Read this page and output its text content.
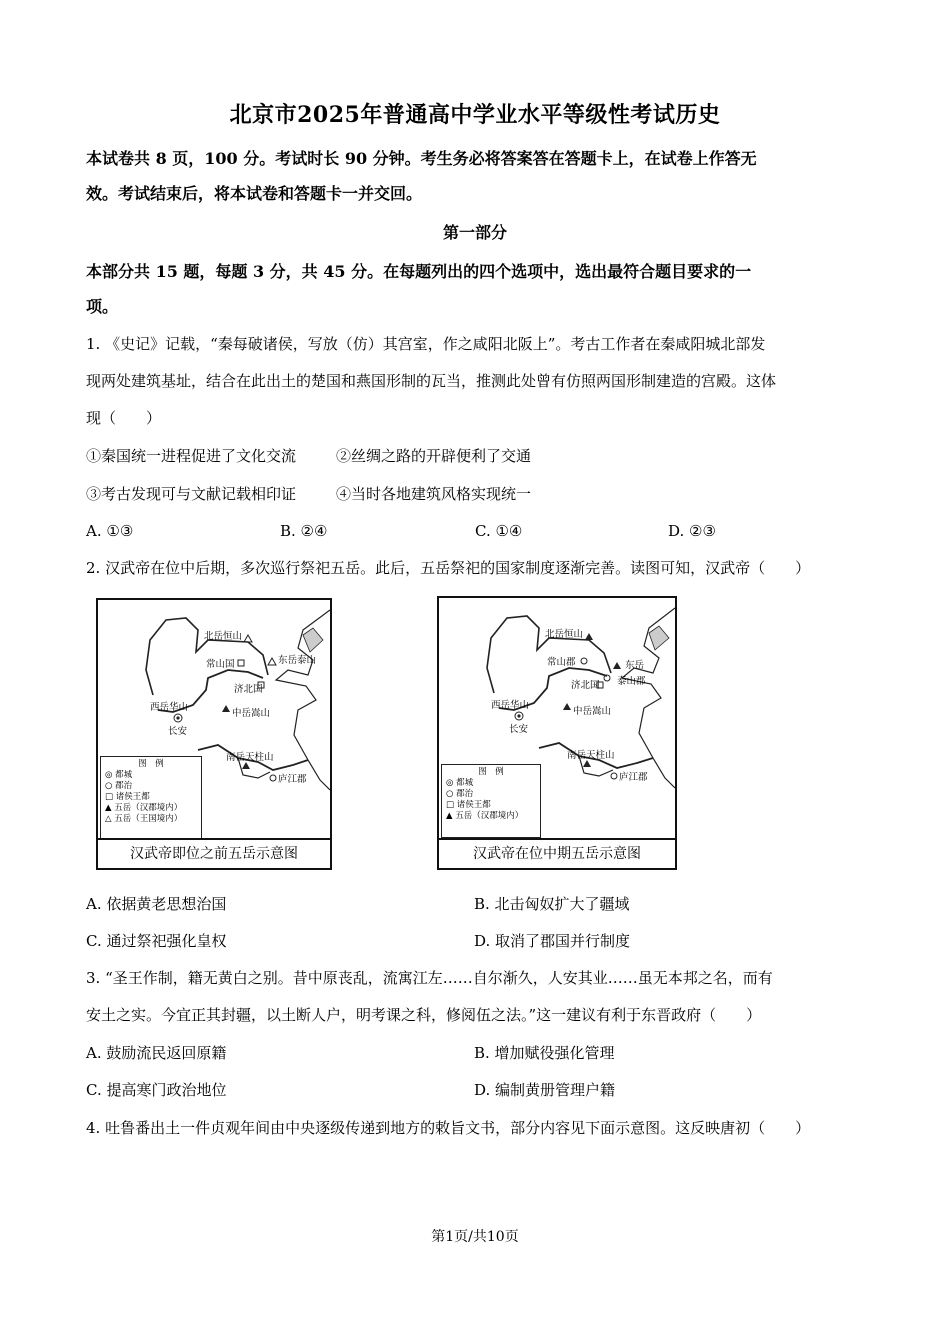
北京市2025年普通高中学业水平等级性考试历史
本试卷共 8 页，100 分。考试时长 90 分钟。考生务必将答案答在答题卡上，在试卷上作答无
效。考试结束后，将本试卷和答题卡一并交回。
第一部分
本部分共 15 题，每题 3 分，共 45 分。在每题列出的四个选项中，选出最符合题目要求的一
项。
1. 《史记》记载，“秦每破诸侯，写放（仿）其宫室，作之咸阳北阪上”。考古工作者在秦咸阳城北部发
现两处建筑基址，结合在此出土的楚国和燕国形制的瓦当，推测此处曾有仿照两国形制建造的宫殿。这体
现（　　）
①秦国统一进程促进了文化交流	②丝绸之路的开辟便利了交通
③考古发现可与文献记载相印证	④当时各地建筑风格实现统一
A. ①③	B. ②④	C. ①④	D. ②③
2. 汉武帝在位中后期，多次巡行祭祀五岳。此后，五岳祭祀的国家制度逐渐完善。读图可知，汉武帝（　　）
北岳恒山
常山国	东岳泰山
济北国
西岳华山
中岳嵩山
长安
南岳天柱山
庐江郡
图　例
◎ 都城
○ 郡治
□ 诸侯王都
▲ 五岳（汉郡境内）
△ 五岳（王国境内）
汉武帝即位之前五岳示意图
北岳恒山
常山郡	东岳
泰山郡
济北国
西岳华山
中岳嵩山
长安
南岳天柱山
庐江郡
图　例
◎ 都城
○ 郡治
□ 诸侯王都
▲ 五岳（汉郡境内）
汉武帝在位中期五岳示意图
A. 依据黄老思想治国	B. 北击匈奴扩大了疆域
C. 通过祭祀强化皇权	D. 取消了郡国并行制度
3. “圣王作制，籍无黄白之别。昔中原丧乱，流寓江左……自尔渐久，人安其业……虽无本邦之名，而有
安土之实。今宜正其封疆，以土断人户，明考课之科，修阅伍之法。”这一建议有利于东晋政府（　　）
A. 鼓励流民返回原籍	B. 增加赋役强化管理
C. 提高寒门政治地位	D. 编制黄册管理户籍
4. 吐鲁番出土一件贞观年间由中央逐级传递到地方的敕旨文书，部分内容见下面示意图。这反映唐初（　　）
第1页/共10页
